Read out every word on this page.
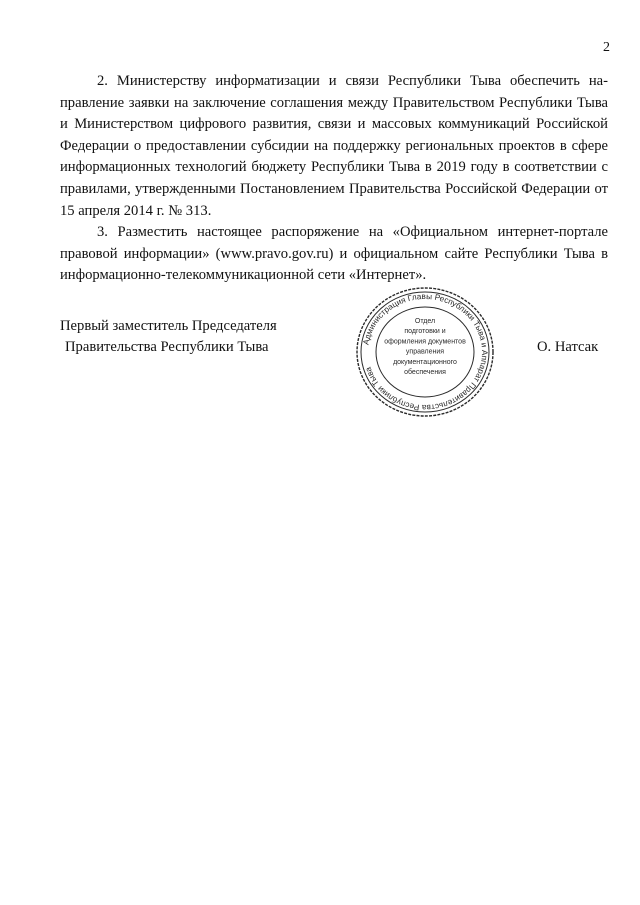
2

2. Министерству информатизации и связи Республики Тыва обеспечить направление заявки на заключение соглашения между Правительством Республики Тыва и Министерством цифрового развития, связи и массовых коммуникаций Российской Федерации о предоставлении субсидии на поддержку региональных проектов в сфере информационных технологий бюджету Республики Тыва в 2019 году в соответствии с правилами, утвержденными Постановлением Правительства Российской Федерации от 15 апреля 2014 г. № 313.

3. Разместить настоящее распоряжение на «Официальном интернет-портале правовой информации» (www.pravo.gov.ru) и официальном сайте Республики Тыва в информационно-телекоммуникационной сети «Интернет».

Первый заместитель Председателя
Правительства Республики Тыва	Администрация Главы Республики Тыва и Аппарат Правительства Республики Тыва
Отдел
подготовки и
оформления документов
управления
документационного
обеспечения
О. Натсак
